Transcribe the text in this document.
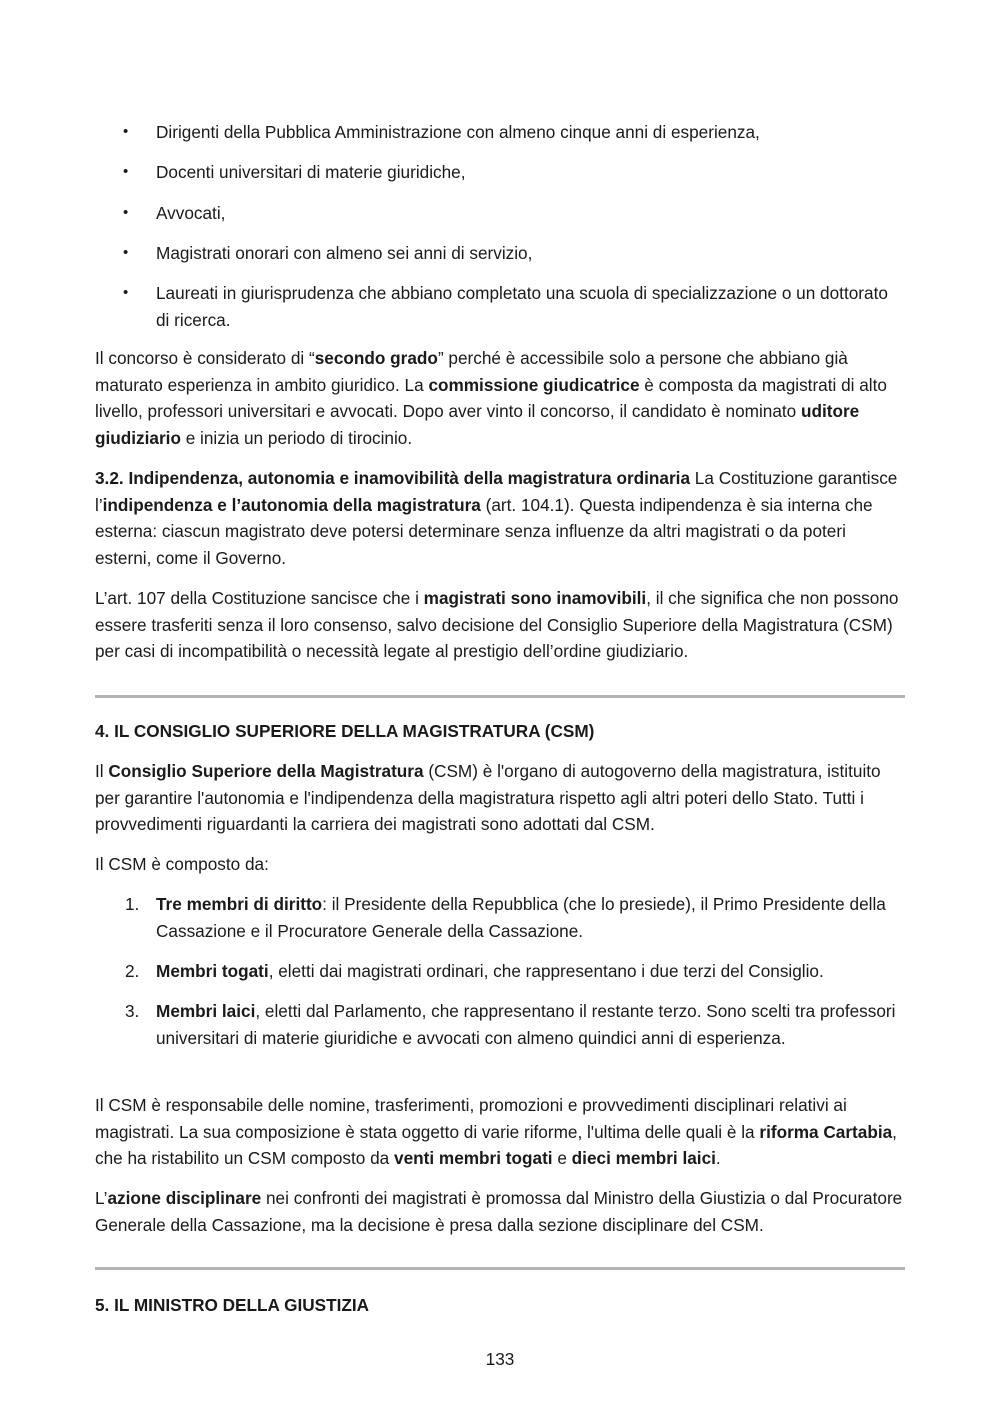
• Dirigenti della Pubblica Amministrazione con almeno cinque anni di esperienza,
• Docenti universitari di materie giuridiche,
• Avvocati,
• Magistrati onorari con almeno sei anni di servizio,
• Laureati in giurisprudenza che abbiano completato una scuola di specializzazione o un dottorato di ricerca.

Il concorso è considerato di “secondo grado” perché è accessibile solo a persone che abbiano già maturato esperienza in ambito giuridico. La commissione giudicatrice è composta da magistrati di alto livello, professori universitari e avvocati. Dopo aver vinto il concorso, il candidato è nominato uditore giudiziario e inizia un periodo di tirocinio.

3.2. Indipendenza, autonomia e inamovibilità della magistratura ordinaria La Costituzione garantisce l’indipendenza e l’autonomia della magistratura (art. 104.1). Questa indipendenza è sia interna che esterna: ciascun magistrato deve potersi determinare senza influenze da altri magistrati o da poteri esterni, come il Governo.

L’art. 107 della Costituzione sancisce che i magistrati sono inamovibili, il che significa che non possono essere trasferiti senza il loro consenso, salvo decisione del Consiglio Superiore della Magistratura (CSM) per casi di incompatibilità o necessità legate al prestigio dell’ordine giudiziario.

4. IL CONSIGLIO SUPERIORE DELLA MAGISTRATURA (CSM)

Il Consiglio Superiore della Magistratura (CSM) è l'organo di autogoverno della magistratura, istituito per garantire l'autonomia e l'indipendenza della magistratura rispetto agli altri poteri dello Stato. Tutti i provvedimenti riguardanti la carriera dei magistrati sono adottati dal CSM.

Il CSM è composto da:

1. Tre membri di diritto: il Presidente della Repubblica (che lo presiede), il Primo Presidente della Cassazione e il Procuratore Generale della Cassazione.
2. Membri togati, eletti dai magistrati ordinari, che rappresentano i due terzi del Consiglio.
3. Membri laici, eletti dal Parlamento, che rappresentano il restante terzo. Sono scelti tra professori universitari di materie giuridiche e avvocati con almeno quindici anni di esperienza.

Il CSM è responsabile delle nomine, trasferimenti, promozioni e provvedimenti disciplinari relativi ai magistrati. La sua composizione è stata oggetto di varie riforme, l'ultima delle quali è la riforma Cartabia, che ha ristabilito un CSM composto da venti membri togati e dieci membri laici.

L’azione disciplinare nei confronti dei magistrati è promossa dal Ministro della Giustizia o dal Procuratore Generale della Cassazione, ma la decisione è presa dalla sezione disciplinare del CSM.

5. IL MINISTRO DELLA GIUSTIZIA
133
